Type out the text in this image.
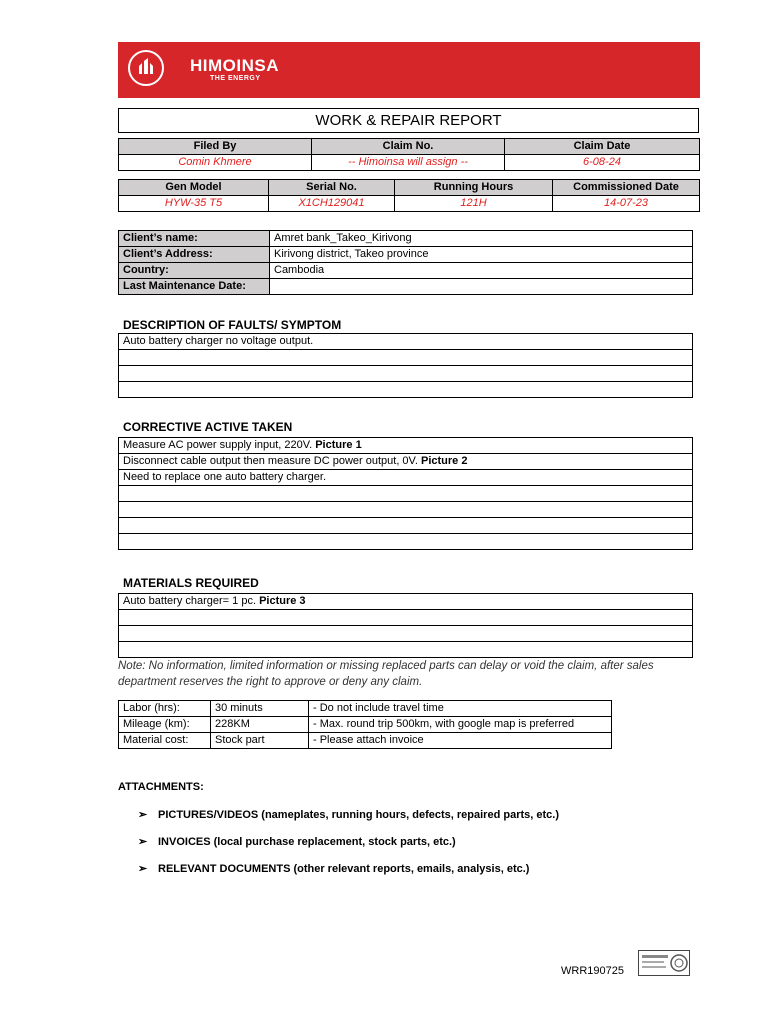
HIMOINSA
THE ENERGY
WORK & REPAIR REPORT
Filed By	Claim No.	Claim Date
Comin Khmere	-- Himoinsa will assign --	6-08-24
Gen Model	Serial No.	Running Hours	Commissioned Date
HYW-35 T5	X1CH129041	121H	14-07-23
Client’s name:	Amret bank_Takeo_Kirivong
Client’s Address:	Kirivong district, Takeo province
Country:	Cambodia
Last Maintenance Date:	
DESCRIPTION OF FAULTS/ SYMPTOM
Auto battery charger no voltage output.

CORRECTIVE ACTIVE TAKEN
Measure AC power supply input, 220V. Picture 1
Disconnect cable output then measure DC power output, 0V. Picture 2
Need to replace one auto battery charger.

MATERIALS REQUIRED
Auto battery charger= 1 pc. Picture 3

Note: No information, limited information or missing replaced parts can delay or void the claim, after sales department reserves the right to approve or deny any claim.
Labor (hrs):	30 minuts	- Do not include travel time
Mileage (km):	228KM	- Max. round trip 500km, with google map is preferred
Material cost:	Stock part	- Please attach invoice
ATTACHMENTS:
➢ PICTURES/VIDEOS (nameplates, running hours, defects, repaired parts, etc.)
➢ INVOICES (local purchase replacement, stock parts, etc.)
➢ RELEVANT DOCUMENTS (other relevant reports, emails, analysis, etc.)
WRR190725
